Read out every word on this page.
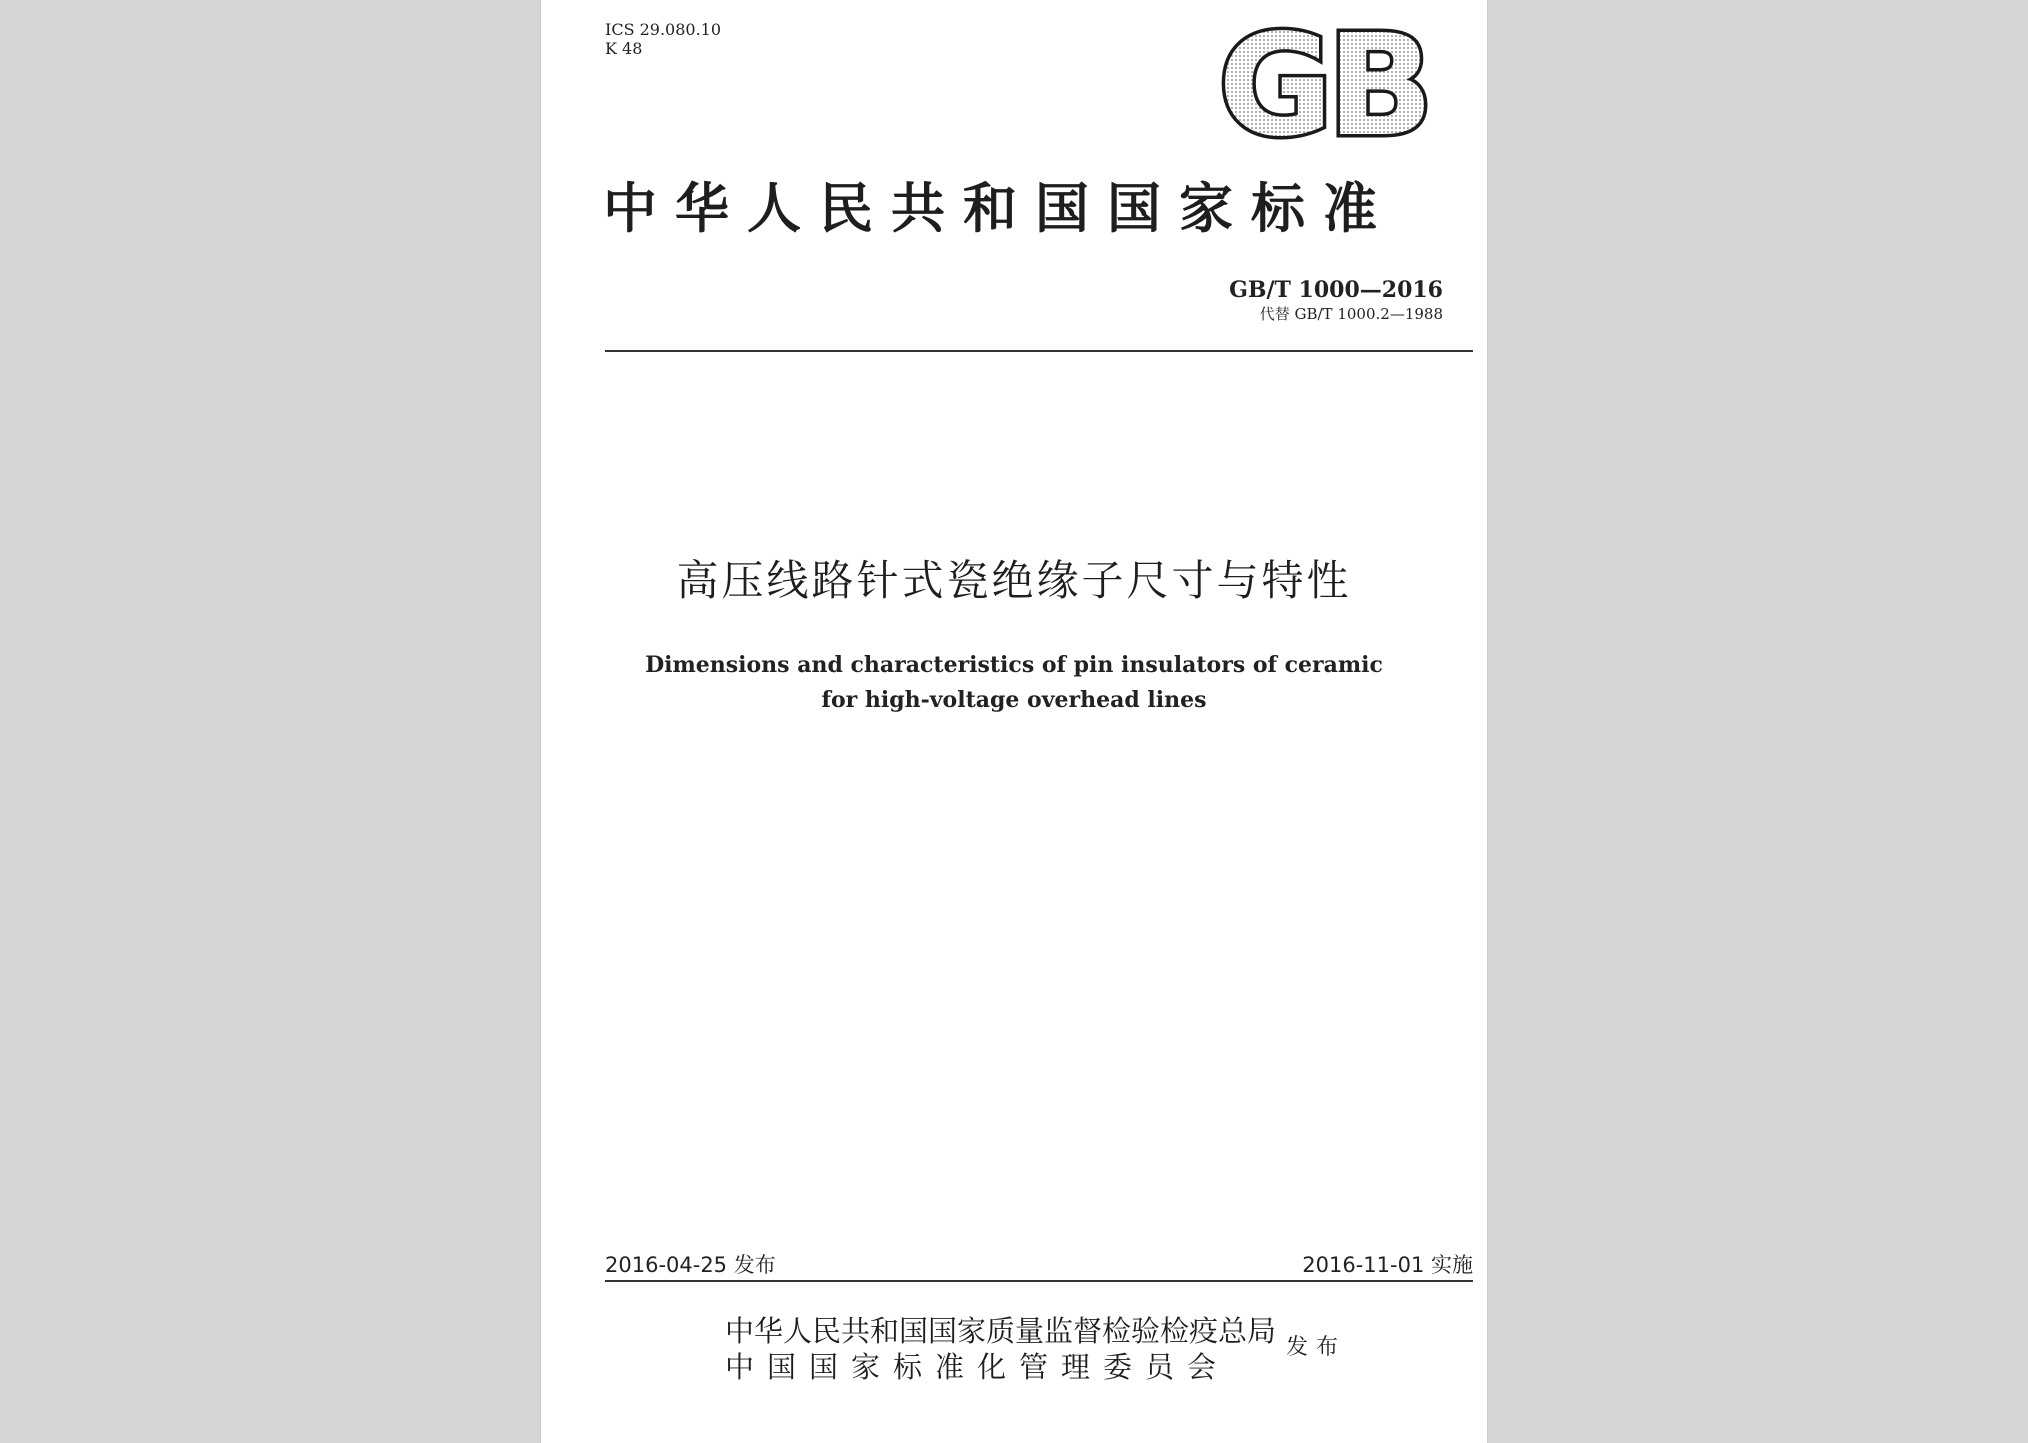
ICS 29.080.10
K 48	GB
中华人民共和国国家标准
GB/T 1000—2016
代替 GB/T 1000.2—1988
高压线路针式瓷绝缘子尺寸与特性
Dimensions and characteristics of pin insulators of ceramic
for high-voltage overhead lines
2016-04-25 发布	2016-11-01 实施
中华人民共和国国家质量监督检验检疫总局
中国国家标准化管理委员会
发布
